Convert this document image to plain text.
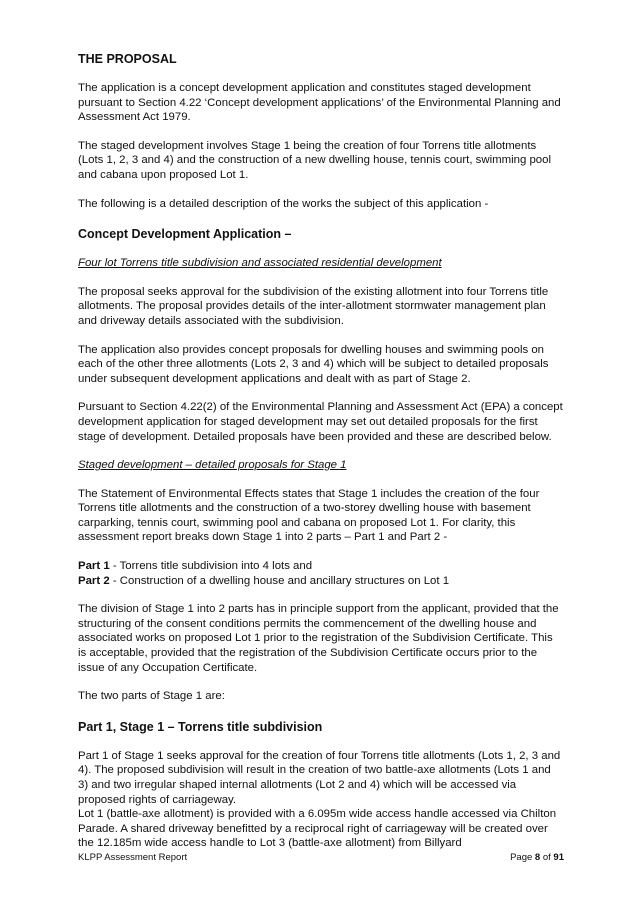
THE PROPOSAL

The application is a concept development application and constitutes staged development pursuant to Section 4.22 ‘Concept development applications’ of the Environmental Planning and Assessment Act 1979.

The staged development involves Stage 1 being the creation of four Torrens title allotments (Lots 1, 2, 3 and 4) and the construction of a new dwelling house, tennis court, swimming pool and cabana upon proposed Lot 1.

The following is a detailed description of the works the subject of this application -

Concept Development Application –

Four lot Torrens title subdivision and associated residential development

The proposal seeks approval for the subdivision of the existing allotment into four Torrens title allotments. The proposal provides details of the inter-allotment stormwater management plan and driveway details associated with the subdivision.

The application also provides concept proposals for dwelling houses and swimming pools on each of the other three allotments (Lots 2, 3 and 4) which will be subject to detailed proposals under subsequent development applications and dealt with as part of Stage 2.

Pursuant to Section 4.22(2) of the Environmental Planning and Assessment Act (EPA) a concept development application for staged development may set out detailed proposals for the first stage of development. Detailed proposals have been provided and these are described below.

Staged development – detailed proposals for Stage 1

The Statement of Environmental Effects states that Stage 1 includes the creation of the four Torrens title allotments and the construction of a two-storey dwelling house with basement carparking, tennis court, swimming pool and cabana on proposed Lot 1. For clarity, this assessment report breaks down Stage 1 into 2 parts – Part 1 and Part 2 -

Part 1 - Torrens title subdivision into 4 lots and

Part 2 - Construction of a dwelling house and ancillary structures on Lot 1

The division of Stage 1 into 2 parts has in principle support from the applicant, provided that the structuring of the consent conditions permits the commencement of the dwelling house and associated works on proposed Lot 1 prior to the registration of the Subdivision Certificate. This is acceptable, provided that the registration of the Subdivision Certificate occurs prior to the issue of any Occupation Certificate.

The two parts of Stage 1 are:

Part 1, Stage 1 – Torrens title subdivision

Part 1 of Stage 1 seeks approval for the creation of four Torrens title allotments (Lots 1, 2, 3 and 4). The proposed subdivision will result in the creation of two battle-axe allotments (Lots 1 and 3) and two irregular shaped internal allotments (Lot 2 and 4) which will be accessed via proposed rights of carriageway.

Lot 1 (battle-axe allotment) is provided with a 6.095m wide access handle accessed via Chilton Parade. A shared driveway benefitted by a reciprocal right of carriageway will be created over the 12.185m wide access handle to Lot 3 (battle-axe allotment) from Billyard

KLPP Assessment Report	Page 8 of 91
